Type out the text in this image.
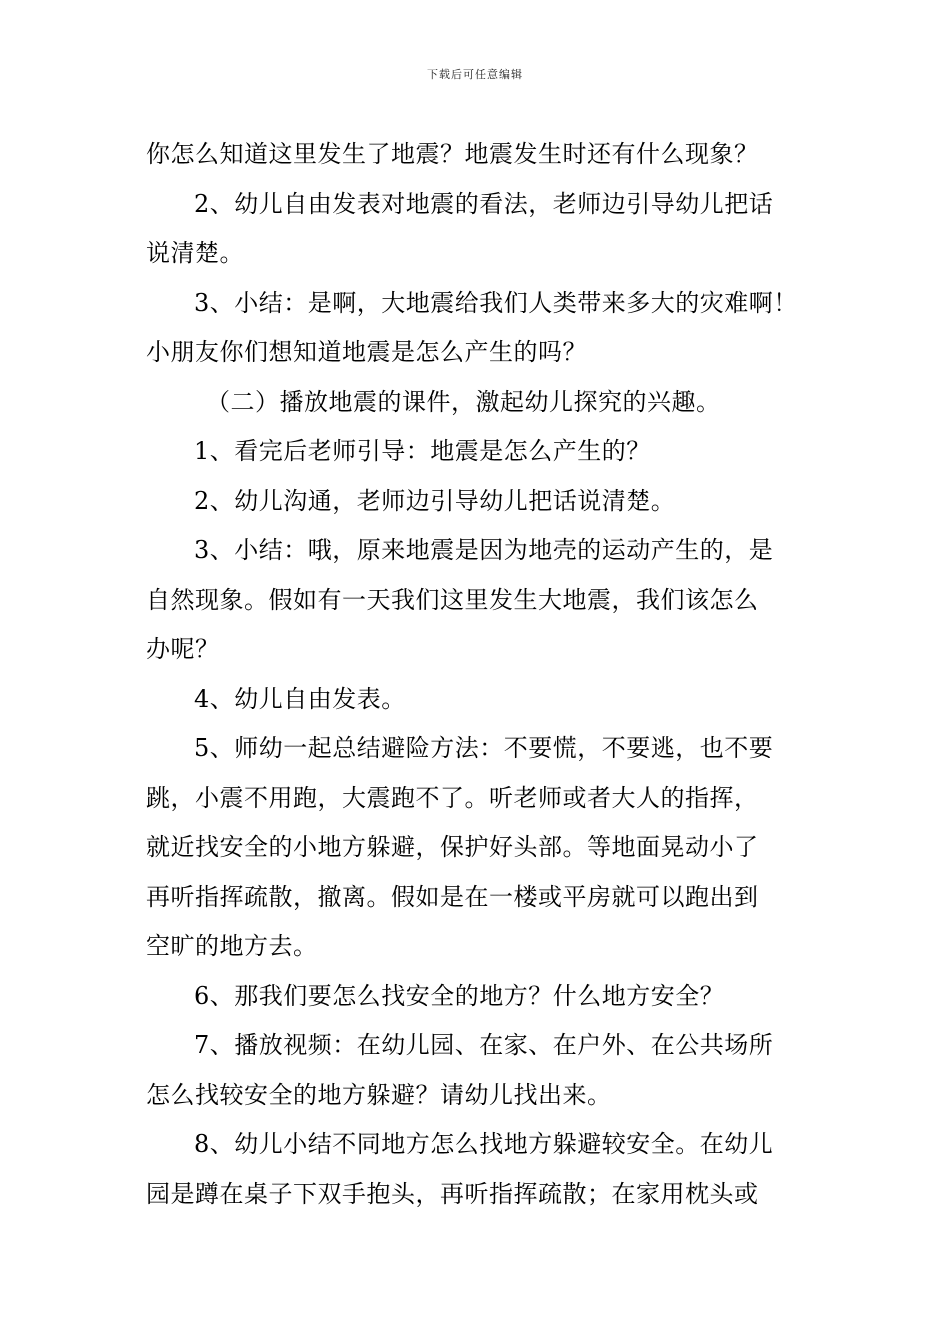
下载后可任意编辑
你怎么知道这里发生了地震？地震发生时还有什么现象？
2、幼儿自由发表对地震的看法，老师边引导幼儿把话
说清楚。
3、小结：是啊，大地震给我们人类带来多大的灾难啊！
小朋友你们想知道地震是怎么产生的吗？
（二）播放地震的课件，激起幼儿探究的兴趣。
1、看完后老师引导：地震是怎么产生的？
2、幼儿沟通，老师边引导幼儿把话说清楚。
3、小结：哦，原来地震是因为地壳的运动产生的，是
自然现象。假如有一天我们这里发生大地震，我们该怎么
办呢？
4、幼儿自由发表。
5、师幼一起总结避险方法：不要慌，不要逃，也不要
跳，小震不用跑，大震跑不了。听老师或者大人的指挥，
就近找安全的小地方躲避，保护好头部。等地面晃动小了
再听指挥疏散，撤离。假如是在一楼或平房就可以跑出到
空旷的地方去。
6、那我们要怎么找安全的地方？什么地方安全？
7、播放视频：在幼儿园、在家、在户外、在公共场所
怎么找较安全的地方躲避？请幼儿找出来。
8、幼儿小结不同地方怎么找地方躲避较安全。在幼儿
园是蹲在桌子下双手抱头，再听指挥疏散；在家用枕头或
